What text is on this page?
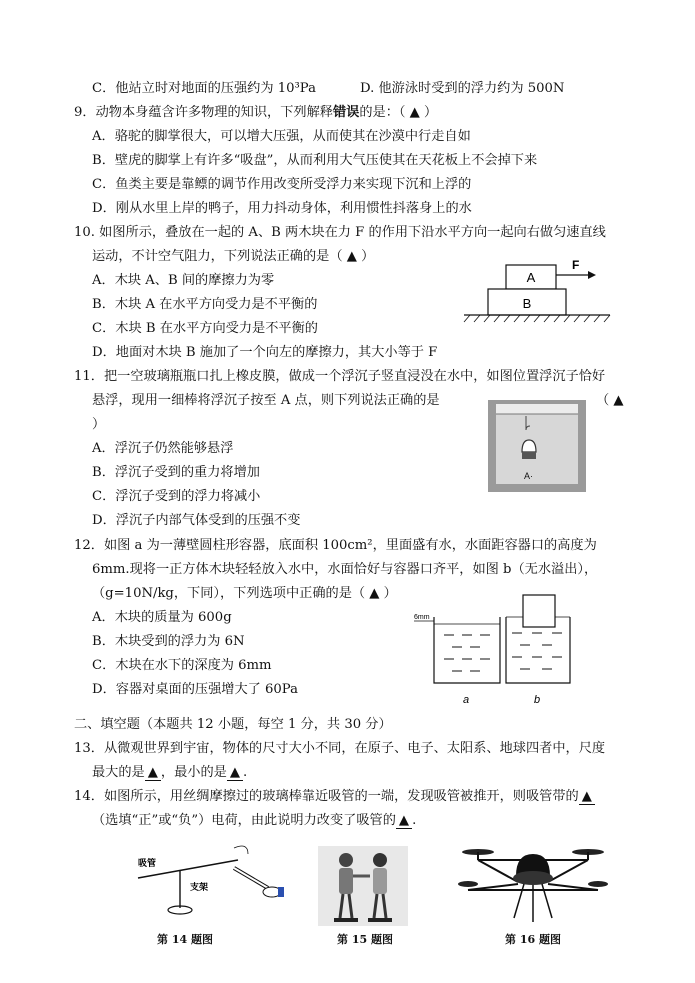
C．他站立时对地面的压强约为 10³Pa	D. 他游泳时受到的浮力约为 500N
9．动物本身蕴含许多物理的知识，下列解释错误的是：（ ▲ ）
A．骆驼的脚掌很大，可以增大压强，从而使其在沙漠中行走自如
B．壁虎的脚掌上有许多“吸盘”，从而利用大气压使其在天花板上不会掉下来
C．鱼类主要是靠鳔的调节作用改变所受浮力来实现下沉和上浮的
D．刚从水里上岸的鸭子，用力抖动身体，利用惯性抖落身上的水
10. 如图所示，叠放在一起的 A、B 两木块在力 F 的作用下沿水平方向一起向右做匀速直线
运动，不计空气阻力，下列说法正确的是（ ▲ ）
A．木块 A、B 间的摩擦力为零
B．木块 A 在水平方向受力是不平衡的
C．木块 B 在水平方向受力是不平衡的
D．地面对木块 B 施加了一个向左的摩擦力，其大小等于 F
A
B
F
11．把一空玻璃瓶瓶口扎上橡皮膜，做成一个浮沉子竖直浸没在水中，如图位置浮沉子恰好
悬浮，现用一细棒将浮沉子按至 A 点，则下列说法正确的是	（ ▲
）
A．浮沉子仍然能够悬浮
B．浮沉子受到的重力将增加
C．浮沉子受到的浮力将减小
D．浮沉子内部气体受到的压强不变
A·
12．如图 a 为一薄壁圆柱形容器，底面积 100cm²，里面盛有水，水面距容器口的高度为
6mm.现将一正方体木块轻轻放入水中，水面恰好与容器口齐平，如图 b（无水溢出），
（g=10N/kg，下同），下列选项中正确的是（ ▲ ）
A．木块的质量为 600g
B．木块受到的浮力为 6N
C．木块在水下的深度为 6mm
D．容器对桌面的压强增大了 60Pa
6mm
a	b
二、填空题（本题共 12 小题，每空 1 分，共 30 分）
13．从微观世界到宇宙，物体的尺寸大小不同，在原子、电子、太阳系、地球四者中，尺度
最大的是 ▲ ，最小的是 ▲ .
14．如图所示，用丝绸摩擦过的玻璃棒靠近吸管的一端，发现吸管被推开，则吸管带的 ▲
（选填“正”或“负”）电荷，由此说明力改变了吸管的 ▲ .
吸管
支架
第 14 题图	第 15 题图	第 16 题图
